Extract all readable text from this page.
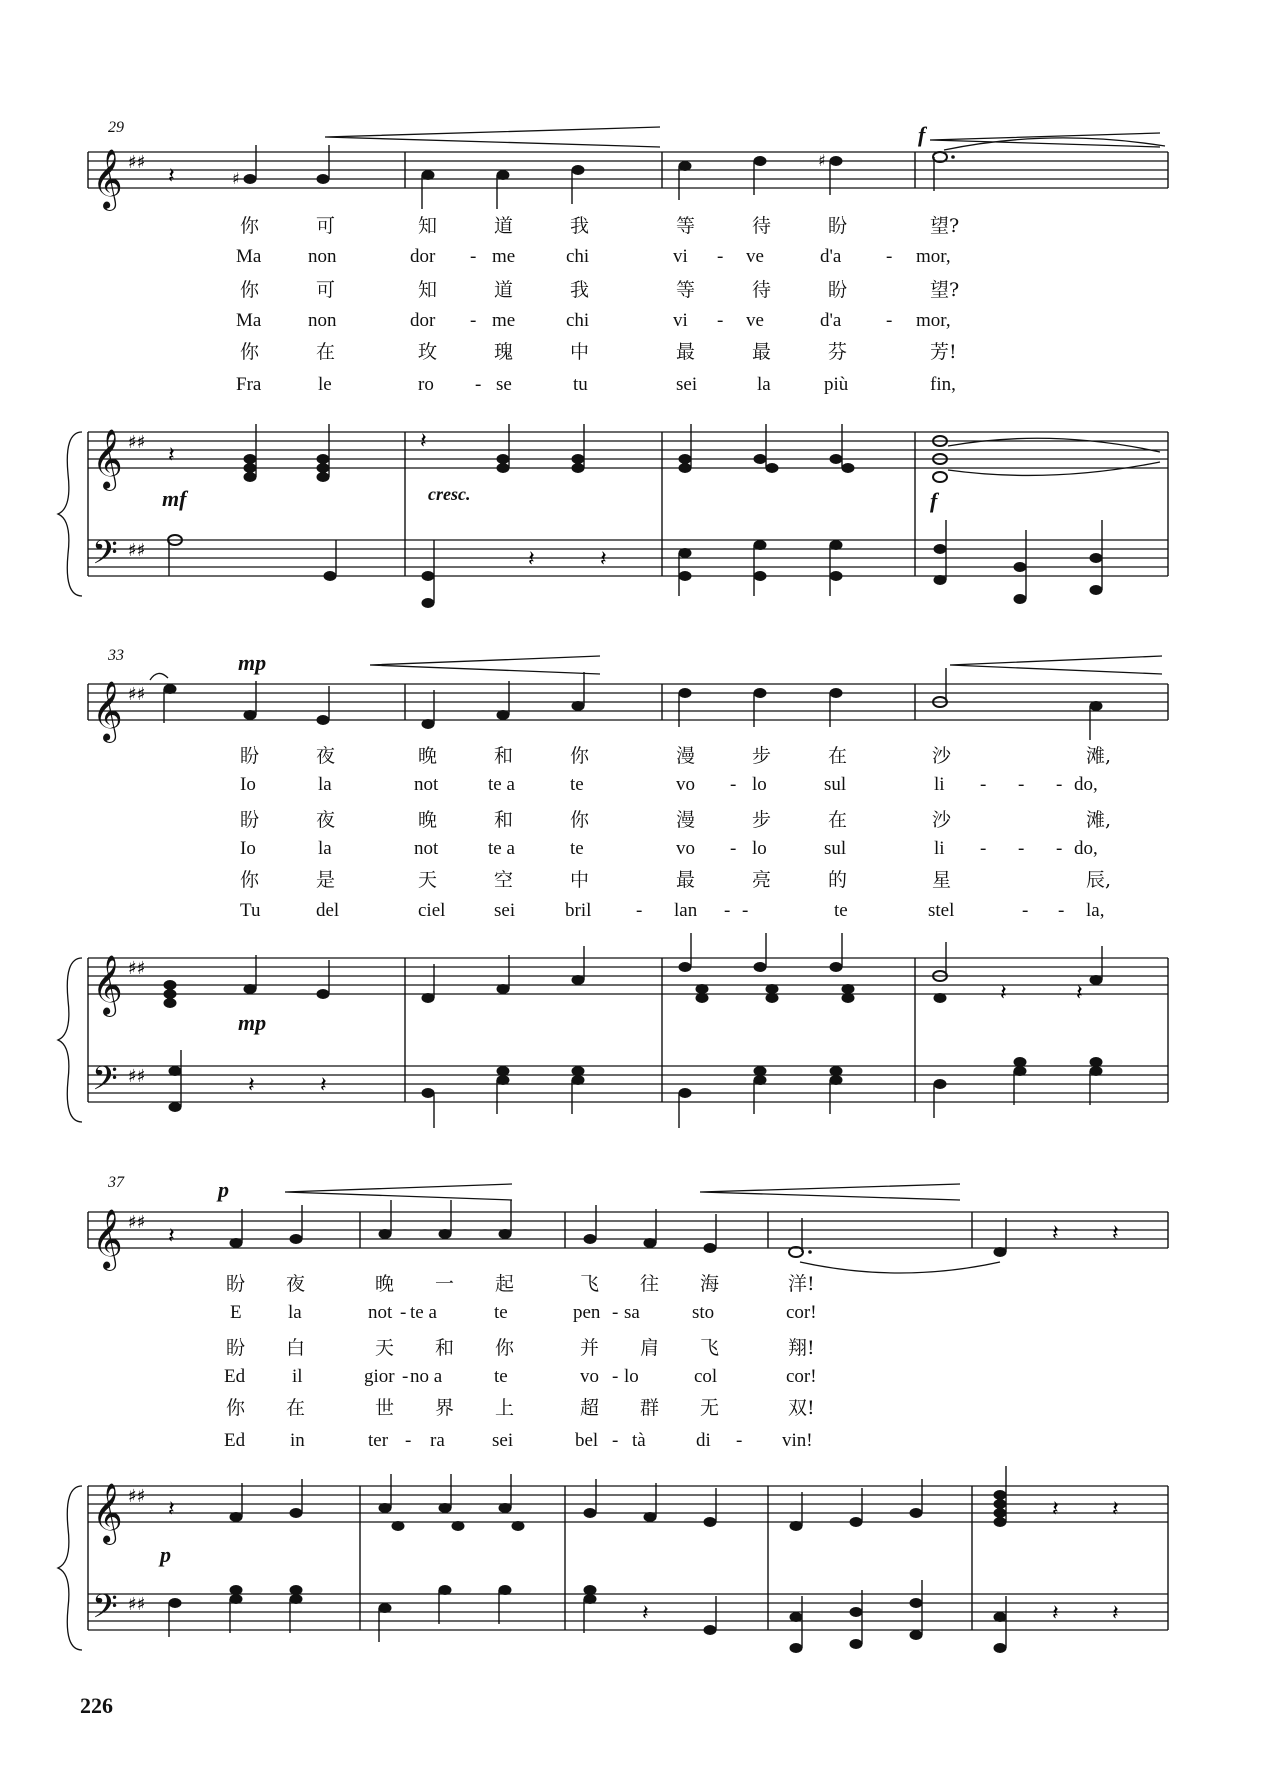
29	f
𝄞 ♯♯
𝄽	♯
♯
你	可	知	道	我	等	待	盼	望?
Ma non	dor - me	chi	vi - ve	d'a - mor,
你	可	知	道	我	等	待	盼	望?
Ma non	dor - me	chi	vi - ve	d'a - mor,
你	在	玫	瑰	中	最	最	芬	芳!
Fra	le	ro - se	tu	sei	la	più	fin,
𝄞
𝄢
♯♯
♯♯
𝄽
𝄽
𝄽	𝄽
mf	cresc.	f
33	mp
𝄞 ♯♯
盼	夜	晚	和	你	漫	步	在	沙	滩,
Io	la	not	te a	te	vo - lo	sul	li - - - do,
盼	夜	晚	和	你	漫	步	在	沙	滩,
Io	la	not	te a	te	vo - lo	sul	li - - - do,
你	是	天	空	中	最	亮	的	星	辰,
Tu	del	ciel	sei	bril - lan - -	te	stel	- - la,
𝄞
𝄢
♯♯
♯♯
𝄽	𝄽
𝄽	𝄽
mp
37	p
𝄞 ♯♯
𝄽	𝄽 𝄽
盼 夜	晚 一 起	飞 往 海	洋!
E la	not - te a	te	pen - sa	sto	cor!
盼 白	天 和 你	并 肩 飞	翔!
Ed il	gior -no a	te	vo - lo	col	cor!
你 在	世 界 上	超 群 无	双!
Ed in	ter - ra sei	bel - tà	di - vin!
𝄞
𝄢
♯♯
♯♯
𝄽	𝄽 𝄽
𝄽	𝄽 𝄽
p
226
